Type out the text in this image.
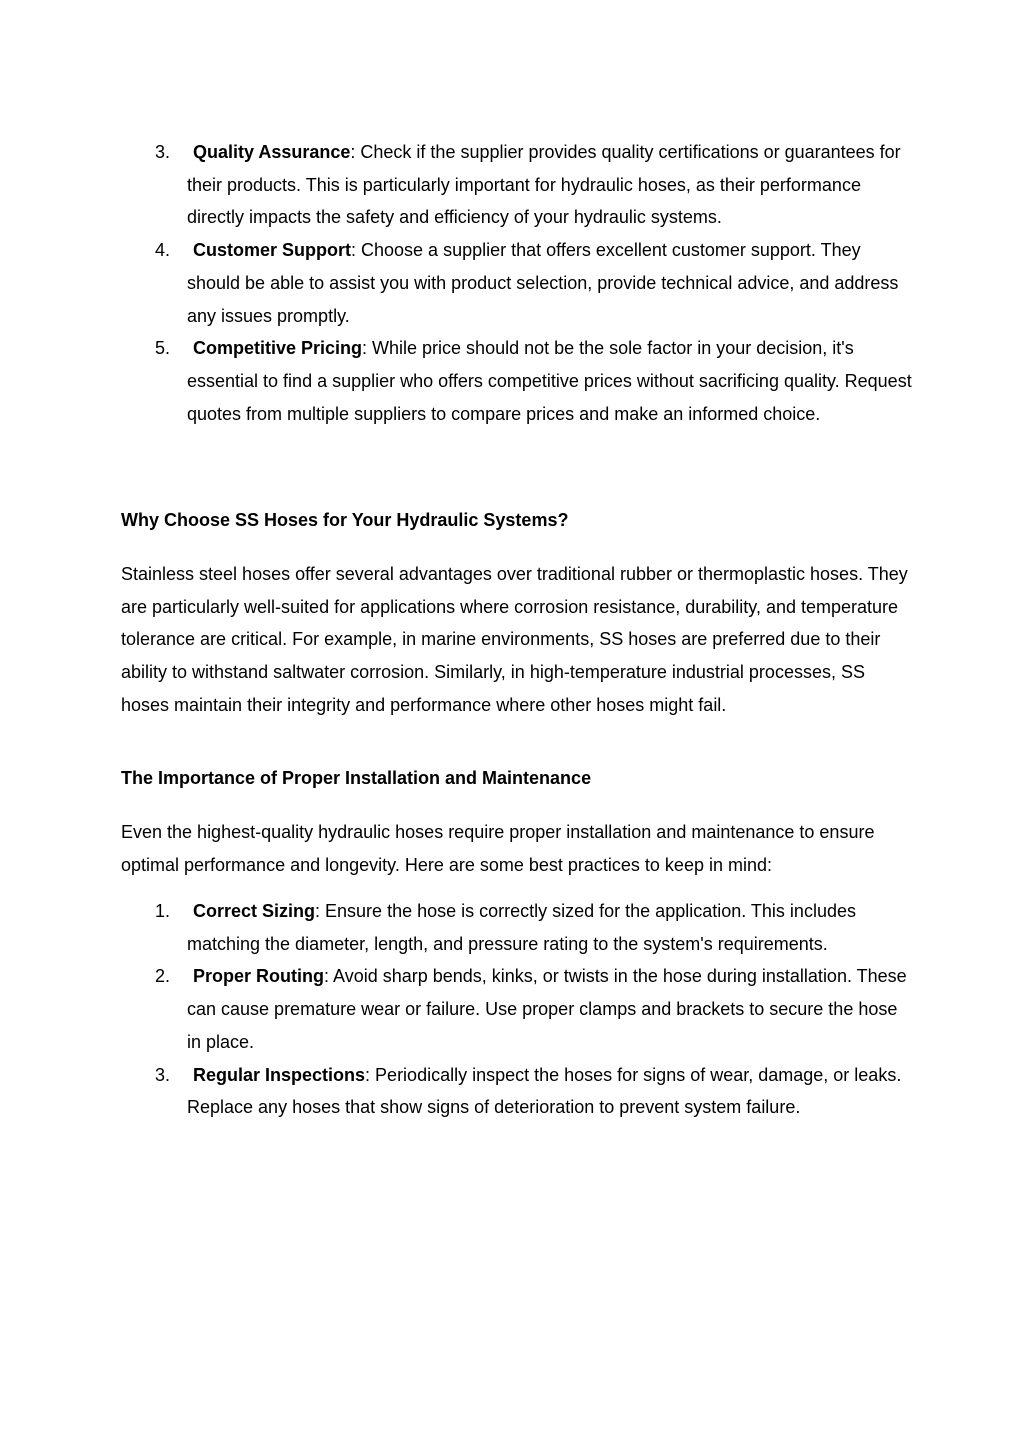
3. Quality Assurance: Check if the supplier provides quality certifications or guarantees for their products. This is particularly important for hydraulic hoses, as their performance directly impacts the safety and efficiency of your hydraulic systems.
4. Customer Support: Choose a supplier that offers excellent customer support. They should be able to assist you with product selection, provide technical advice, and address any issues promptly.
5. Competitive Pricing: While price should not be the sole factor in your decision, it's essential to find a supplier who offers competitive prices without sacrificing quality. Request quotes from multiple suppliers to compare prices and make an informed choice.
Why Choose SS Hoses for Your Hydraulic Systems?

Stainless steel hoses offer several advantages over traditional rubber or thermoplastic hoses. They are particularly well-suited for applications where corrosion resistance, durability, and temperature tolerance are critical. For example, in marine environments, SS hoses are preferred due to their ability to withstand saltwater corrosion. Similarly, in high-temperature industrial processes, SS hoses maintain their integrity and performance where other hoses might fail.

The Importance of Proper Installation and Maintenance

Even the highest-quality hydraulic hoses require proper installation and maintenance to ensure optimal performance and longevity. Here are some best practices to keep in mind:

1. Correct Sizing: Ensure the hose is correctly sized for the application. This includes matching the diameter, length, and pressure rating to the system's requirements.
2. Proper Routing: Avoid sharp bends, kinks, or twists in the hose during installation. These can cause premature wear or failure. Use proper clamps and brackets to secure the hose in place.
3. Regular Inspections: Periodically inspect the hoses for signs of wear, damage, or leaks. Replace any hoses that show signs of deterioration to prevent system failure.
